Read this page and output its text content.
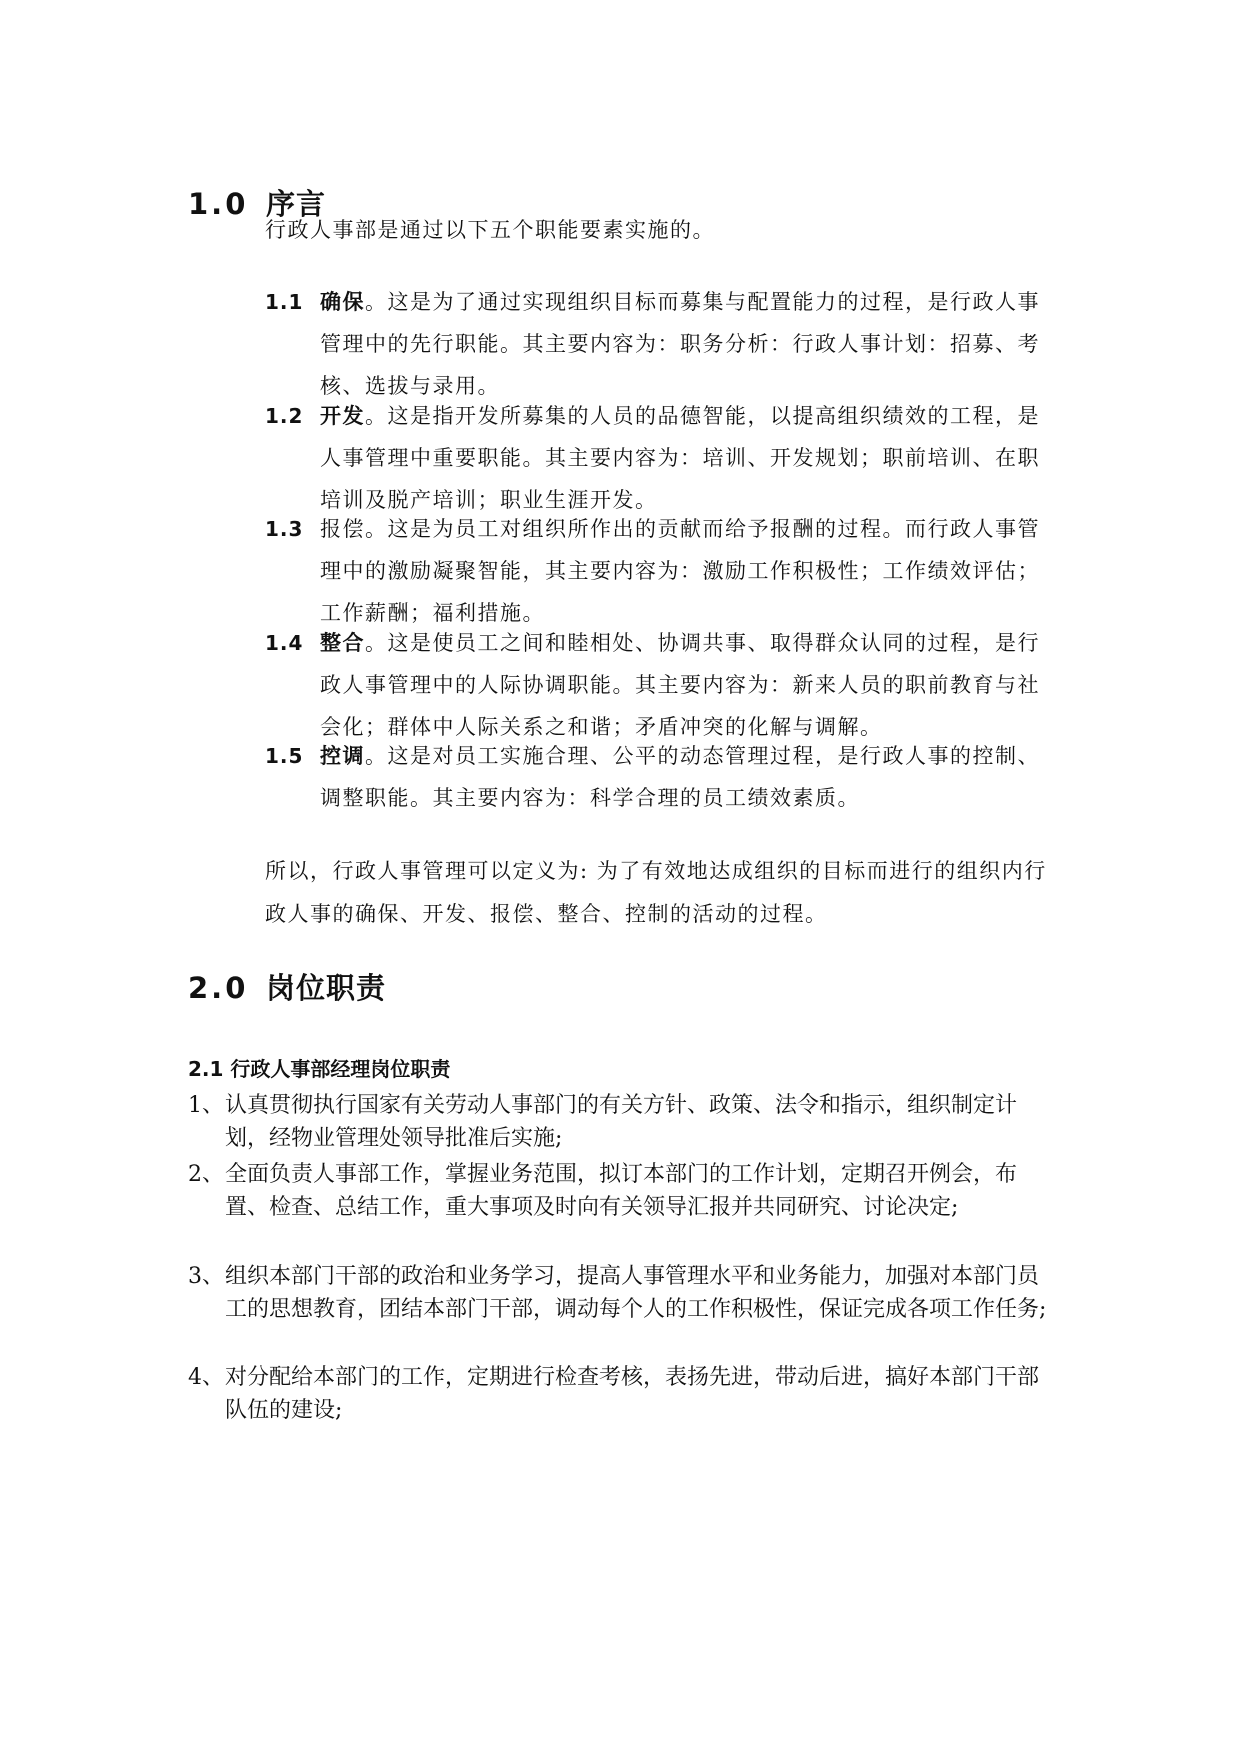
1.0 序言

行政人事部是通过以下五个职能要素实施的。

1.1 确保。这是为了通过实现组织目标而募集与配置能力的过程，是行政人事管理中的先行职能。其主要内容为：职务分析：行政人事计划：招募、考核、选拔与录用。
1.2 开发。这是指开发所募集的人员的品德智能，以提高组织绩效的工程，是人事管理中重要职能。其主要内容为：培训、开发规划；职前培训、在职培训及脱产培训；职业生涯开发。
1.3 报偿。这是为员工对组织所作出的贡献而给予报酬的过程。而行政人事管理中的激励凝聚智能，其主要内容为：激励工作积极性；工作绩效评估；工作薪酬；福利措施。
1.4 整合。这是使员工之间和睦相处、协调共事、取得群众认同的过程，是行政人事管理中的人际协调职能。其主要内容为：新来人员的职前教育与社会化；群体中人际关系之和谐；矛盾冲突的化解与调解。
1.5 控调。这是对员工实施合理、公平的动态管理过程，是行政人事的控制、调整职能。其主要内容为：科学合理的员工绩效素质。

所以，行政人事管理可以定义为: 为了有效地达成组织的目标而进行的组织内行政人事的确保、开发、报偿、整合、控制的活动的过程。

2.0 岗位职责
2.1 行政人事部经理岗位职责
1、 认真贯彻执行国家有关劳动人事部门的有关方针、政策、法令和指示，组织制定计划，经物业管理处领导批准后实施;
2、 全面负责人事部工作，掌握业务范围，拟订本部门的工作计划，定期召开例会，布置、检查、总结工作，重大事项及时向有关领导汇报并共同研究、讨论决定;
3、 组织本部门干部的政治和业务学习，提高人事管理水平和业务能力，加强对本部门员工的思想教育，团结本部门干部，调动每个人的工作积极性，保证完成各项工作任务;
4、 对分配给本部门的工作，定期进行检查考核，表扬先进，带动后进，搞好本部门干部队伍的建设;
